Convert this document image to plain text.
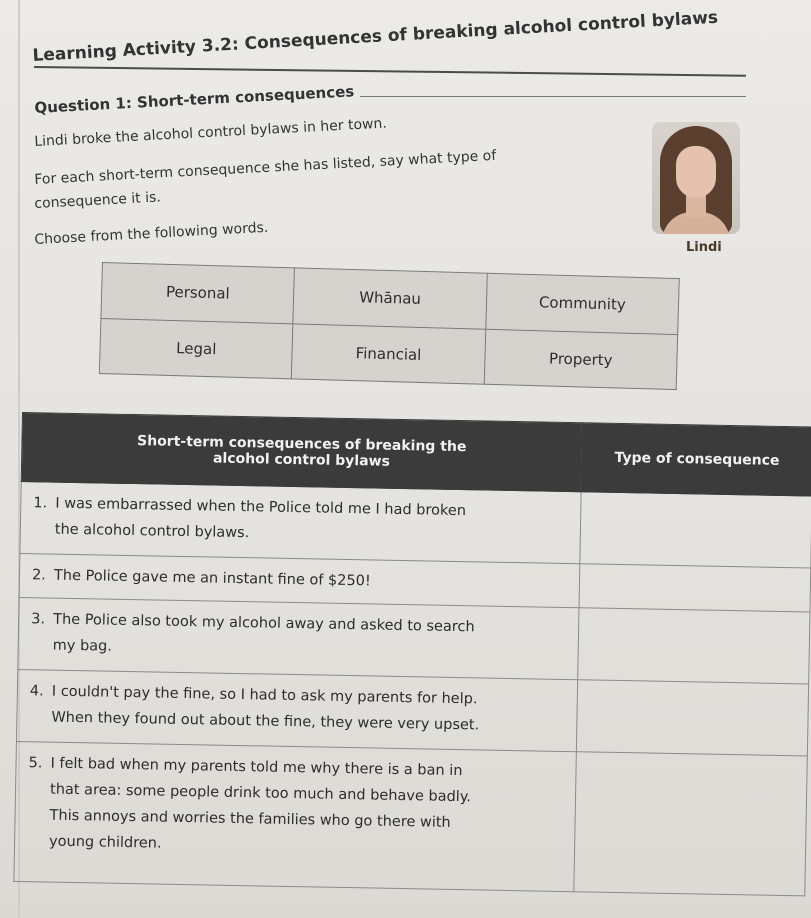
Learning Activity 3.2: Consequences of breaking alcohol control bylaws
Question 1: Short-term consequences
Lindi broke the alcohol control bylaws in her town.
For each short-term consequence she has listed, say what type of
consequence it is.
Choose from the following words.	Lindi
Personal	Whānau	Community
Legal	Financial	Property
Short-term consequences of breaking the alcohol control bylaws	Type of consequence
1. I was embarrassed when the Police told me I had broken
the alcohol control bylaws.	
2. The Police gave me an instant fine of $250!	
3. The Police also took my alcohol away and asked to search
my bag.	
4. I couldn't pay the fine, so I had to ask my parents for help.
When they found out about the fine, they were very upset.	
5. I felt bad when my parents told me why there is a ban in
that area: some people drink too much and behave badly.
This annoys and worries the families who go there with
young children.	
